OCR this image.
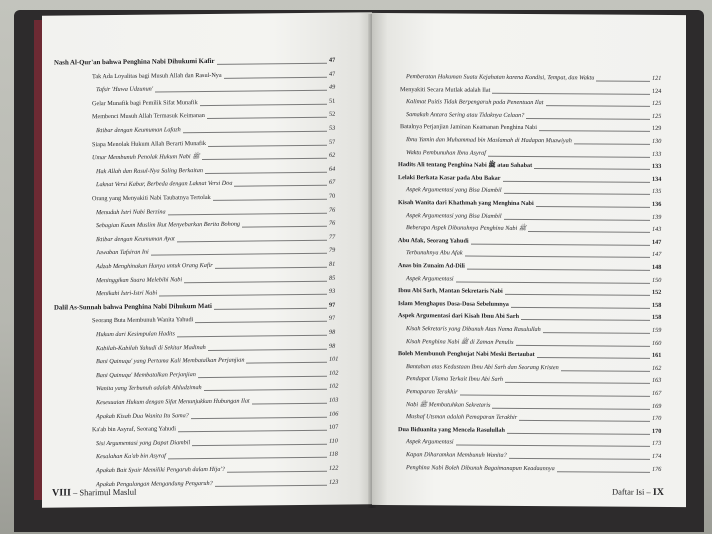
Nash Al-Qur'an bahwa Penghina Nabi Dihukumi Kafir	47
Tak Ada Loyalitas bagi Musuh Allah dan Rasul-Nya	47
Tafsir 'Huwa Udzunun'	49
Gelar Munafik bagi Pemilik Sifat Munafik	51
Membenci Musuh Allah Termasuk Keimanan	52
Iktibar dengan Keumuman Lafazh	53
Siapa Menolak Hukum Allah Berarti Munafik	57
Umar Membunuh Penolak Hukum Nabi ﷺ	62
Hak Allah dan Rasul-Nya Saling Berkaitan	64
Laknat Versi Kabar, Berbeda dengan Laknat Versi Doa	67
Orang yang Menyakiti Nabi Taubatnya Tertolak	70
Menuduh Istri Nabi Berzina	76
Sebagian Kaum Muslim Ikut Menyebarkan Berita Bohong	76
Iktibar dengan Keumuman Ayat	77
Jawaban Tafsiran Ini	79
Adzab Menghinakan Hanya untuk Orang Kafir	81
Meninggikan Suara Melebihi Nabi	85
Menikahi Istri-Istri Nabi	93
Dalil As-Sunnah bahwa Penghina Nabi Dihukum Mati	97
Seorang Buta Membunuh Wanita Yahudi	97
Hukum dari Kesimpulan Hadits	98
Kabilah-Kabilah Yahudi di Sekitar Madinah	98
Bani Qainuqa' yang Pertama Kali Membatalkan Perjanjian	101
Bani Qainuqa' Membatalkan Perjanjian	102
Wanita yang Terbunuh adalah Ahludzimah	102
Kesesuaian Hukum dengan Sifat Menunjukkan Hubungan Ilat	103
Apakah Kisah Dua Wanita Itu Sama?	106
Ka'ab bin Asyraf, Seorang Yahudi	107
Sisi Argumentasi yang Dapat Diambil	110
Kesalahan Ka'ab bin Asyraf	118
Apakah Bait Syair Memiliki Pengaruh dalam Hija'?	122
Apakah Pengulangan Mengandung Pengaruh?	123
VIII – Sharimul Maslul
Pemberatan Hukuman Suatu Kejahatan karena Kondisi, Tempat, dan Waktu	121
Menyakiti Secara Mutlak adalah Ilat	124
Kalimat Puitis Tidak Berpengaruh pada Penentuan Ilat	125
Samakah Antara Sering atau Tidaknya Celaan?	125
Batalnya Perjanjian Jaminan Keamanan Penghina Nabi	129
Ibnu Yamin dan Muhammad bin Maslamah di Hadapan Muawiyah	130
Waktu Pembunuhan Ibnu Asyraf	133
Hadits Ali tentang Penghina Nabi ﷺ atau Sahabat	133
Lelaki Berkata Kasar pada Abu Bakar	134
Aspek Argumentasi yang Bisa Diambil	135
Kisah Wanita dari Khathmah yang Menghina Nabi	136
Aspek Argumentasi yang Bisa Diambil	139
Beberapa Aspek Dibunuhnya Penghina Nabi ﷺ	143
Abu Afak, Seorang Yahudi	147
Terbunuhnya Abu Afak	147
Anas bin Zunaim Ad-Dili	148
Aspek Argumentasi	150
Ibnu Abi Sarh, Mantan Sekretaris Nabi	152
Islam Menghapus Dosa-Dosa Sebelumnya	158
Aspek Argumentasi dari Kisah Ibnu Abi Sarh	158
Kisah Sekretaris yang Dibunuh Atas Nama Rasulullah	159
Kisah Penghina Nabi ﷺ di Zaman Penulis	160
Boleh Membunuh Penghujat Nabi Meski Bertaubat	161
Bantahan atas Kedustaan Ibnu Abi Sarh dan Seorang Kristen	162
Pendapat Ulama Terkait Ibnu Abi Sarh	163
Pemaparan Terakhir	167
Nabi ﷺ Membutuhkan Sekretaris	169
Mushaf Utsman adalah Pemaparan Terakhir	170
Dua Biduanita yang Mencela Rasulullah	170
Aspek Argumentasi	173
Kapan Diharamkan Membunuh Wanita?	174
Penghina Nabi Boleh Dibunuh Bagaimanapun Keadaannya	176
Daftar Isi – IX
